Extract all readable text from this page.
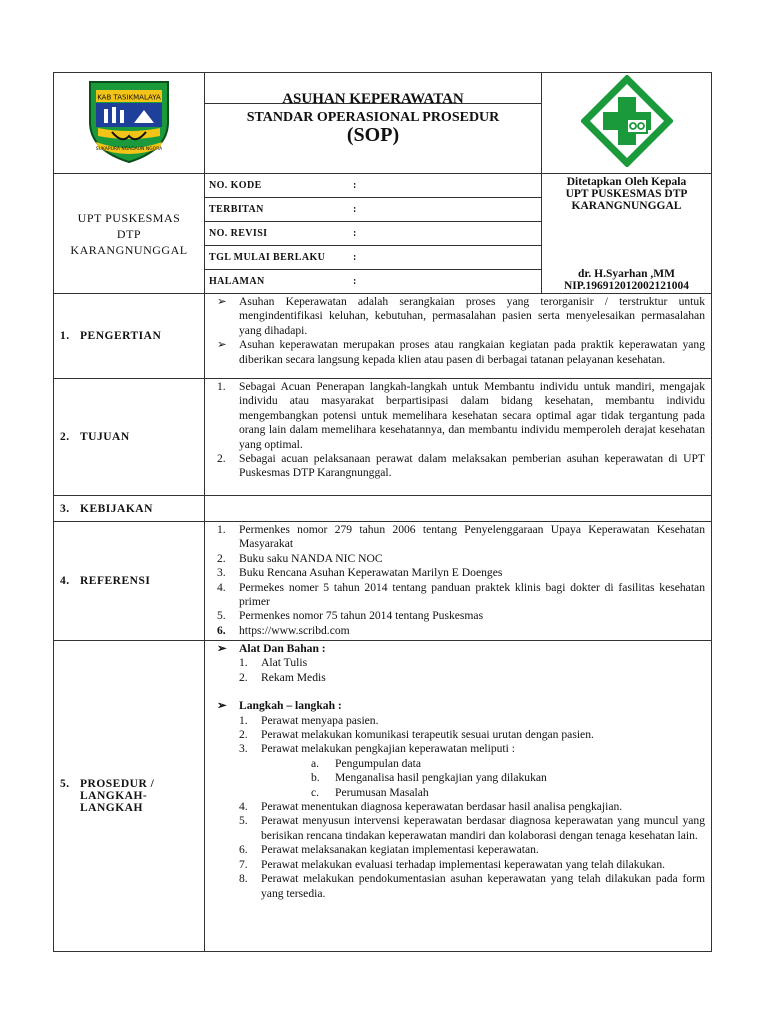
KAB TASIKMALAYA
SUKAPURA NGADAUN NGORA

ASUHAN KEPERAWATAN
STANDAR OPERASIONAL PROSEDUR
(SOP)

UPT PUSKESMAS
DTP
KARANGNUNGGAL

NO. KODE	:
TERBITAN	:
NO. REVISI	:
TGL MULAI BERLAKU	:
HALAMAN	:

Ditetapkan Oleh Kepala
UPT PUSKESMAS DTP
KARANGNUNGGAL
dr. H.Syarhan ,MM
NIP.196912012002121004

1. PENGERTIAN	
➢ Asuhan Keperawatan adalah serangkaian proses yang terorganisir / terstruktur untuk mengindentifikasi keluhan, kebutuhan, permasalahan pasien serta menyelesaikan permasalahan yang dihadapi.
➢ Asuhan keperawatan merupakan proses atau rangkaian kegiatan pada praktik keperawatan yang diberikan secara langsung kepada klien atau pasen di berbagai tatanan pelayanan kesehatan.

2. TUJUAN	
1. Sebagai Acuan Penerapan langkah-langkah untuk Membantu individu untuk mandiri, mengajak individu atau masyarakat berpartisipasi dalam bidang kesehatan, membantu individu mengembangkan potensi untuk memelihara kesehatan secara optimal agar tidak tergantung pada orang lain dalam memelihara kesehatannya, dan membantu individu memperoleh derajat kesehatan yang optimal.
2. Sebagai acuan pelaksanaan perawat dalam melaksakan pemberian asuhan keperawatan di UPT Puskesmas DTP Karangnunggal.

3. KEBIJAKAN	
4. REFERENSI	
1. Permenkes nomor 279 tahun 2006 tentang Penyelenggaraan Upaya Keperawatan Kesehatan Masyarakat
2. Buku saku NANDA NIC NOC
3. Buku Rencana Asuhan Keperawatan Marilyn E Doenges
4. Permekes nomer 5 tahun 2014 tentang panduan praktek klinis bagi dokter di fasilitas kesehatan primer
5. Permenkes nomor 75 tahun 2014 tentang Puskesmas
6. https://www.scribd.com

5. PROSEDUR /
LANGKAH-LANGKAH

➢ Alat Dan Bahan :
1. Alat Tulis
2. Rekam Medis
➢ Langkah – langkah :
1. Perawat menyapa pasien.
2. Perawat melakukan komunikasi terapeutik sesuai urutan dengan pasien.
3. Perawat melakukan pengkajian keperawatan meliputi :
a. Pengumpulan data
b. Menganalisa hasil pengkajian yang dilakukan
c. Perumusan Masalah
4. Perawat menentukan diagnosa keperawatan berdasar hasil analisa pengkajian.
5. Perawat menyusun intervensi keperawatan berdasar diagnosa keperawatan yang muncul yang berisikan rencana tindakan keperawatan mandiri dan kolaborasi dengan tenaga kesehatan lain.
6. Perawat melaksanakan kegiatan implementasi keperawatan.
7. Perawat melakukan evaluasi terhadap implementasi keperawatan yang telah dilakukan.
8. Perawat melakukan pendokumentasian asuhan keperawatan yang telah dilakukan pada form yang tersedia.
